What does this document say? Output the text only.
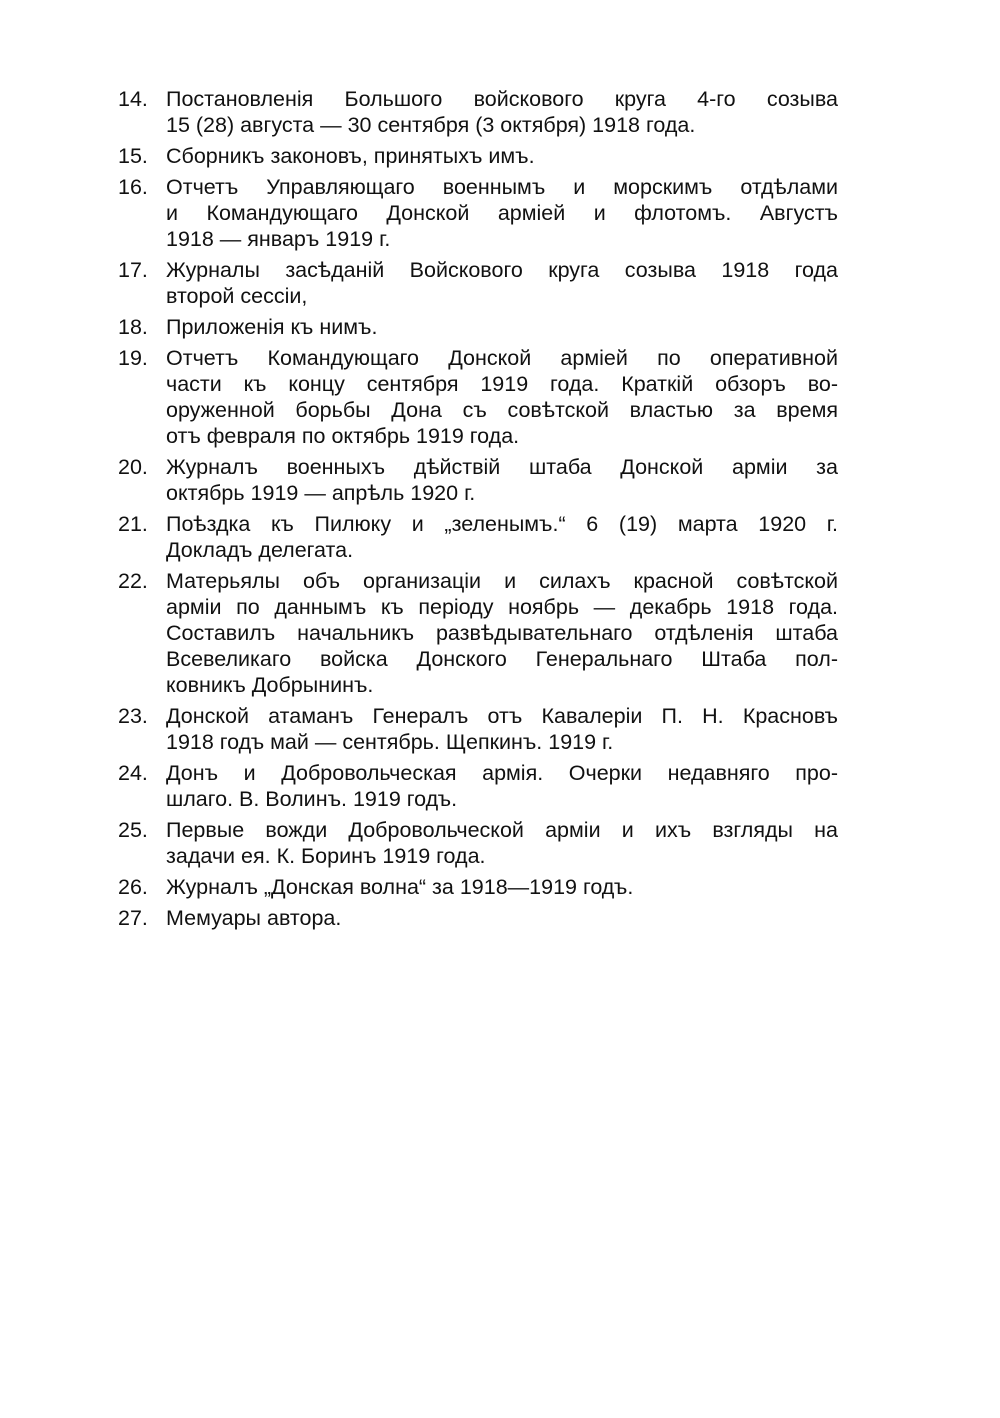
14. Постановленія Большого войскового круга 4-го созыва
15 (28) августа — 30 сентября (3 октября) 1918 года.
15. Сборникъ законовъ, принятыхъ имъ.
16. Отчетъ Управляющаго военнымъ и морскимъ отдѣлами
и Командующаго Донской арміей и флотомъ. Августъ
1918 — январъ 1919 г.
17. Журналы засѣданій Войскового круга созыва 1918 года
второй сессіи,
18. Приложенія къ нимъ.
19. Отчетъ Командующаго Донской арміей по оперативной
части къ концу сентября 1919 года. Краткій обзоръ во-
оруженной борьбы Дона съ совѣтской властью за время
отъ февраля по октябрь 1919 года.
20. Журналъ военныхъ дѣйствій штаба Донской арміи за
октябрь 1919 — апрѣль 1920 г.
21. Поѣздка къ Пилюку и „зеленымъ.“ 6 (19) марта 1920 г.
Докладъ делегата.
22. Матерьялы объ организаціи и силахъ красной совѣтской
арміи по даннымъ къ періоду ноябрь — декабрь 1918 года.
Составилъ начальникъ развѣдывательнаго отдѣленія штаба
Всевеликаго войска Донского Генеральнаго Штаба пол-
ковникъ Добрынинъ.
23. Донской атаманъ Генералъ отъ Кавалеріи П. Н. Красновъ
1918 годъ май — сентябрь. Щепкинъ. 1919 г.
24. Донъ и Добровольческая армія. Очерки недавняго про-
шлаго. В. Волинъ. 1919 годъ.
25. Первые вожди Добровольческой арміи и ихъ взгляды на
задачи ея. К. Боринъ 1919 года.
26. Журналъ „Донская волна“ за 1918—1919 годъ.
27. Мемуары автора.
